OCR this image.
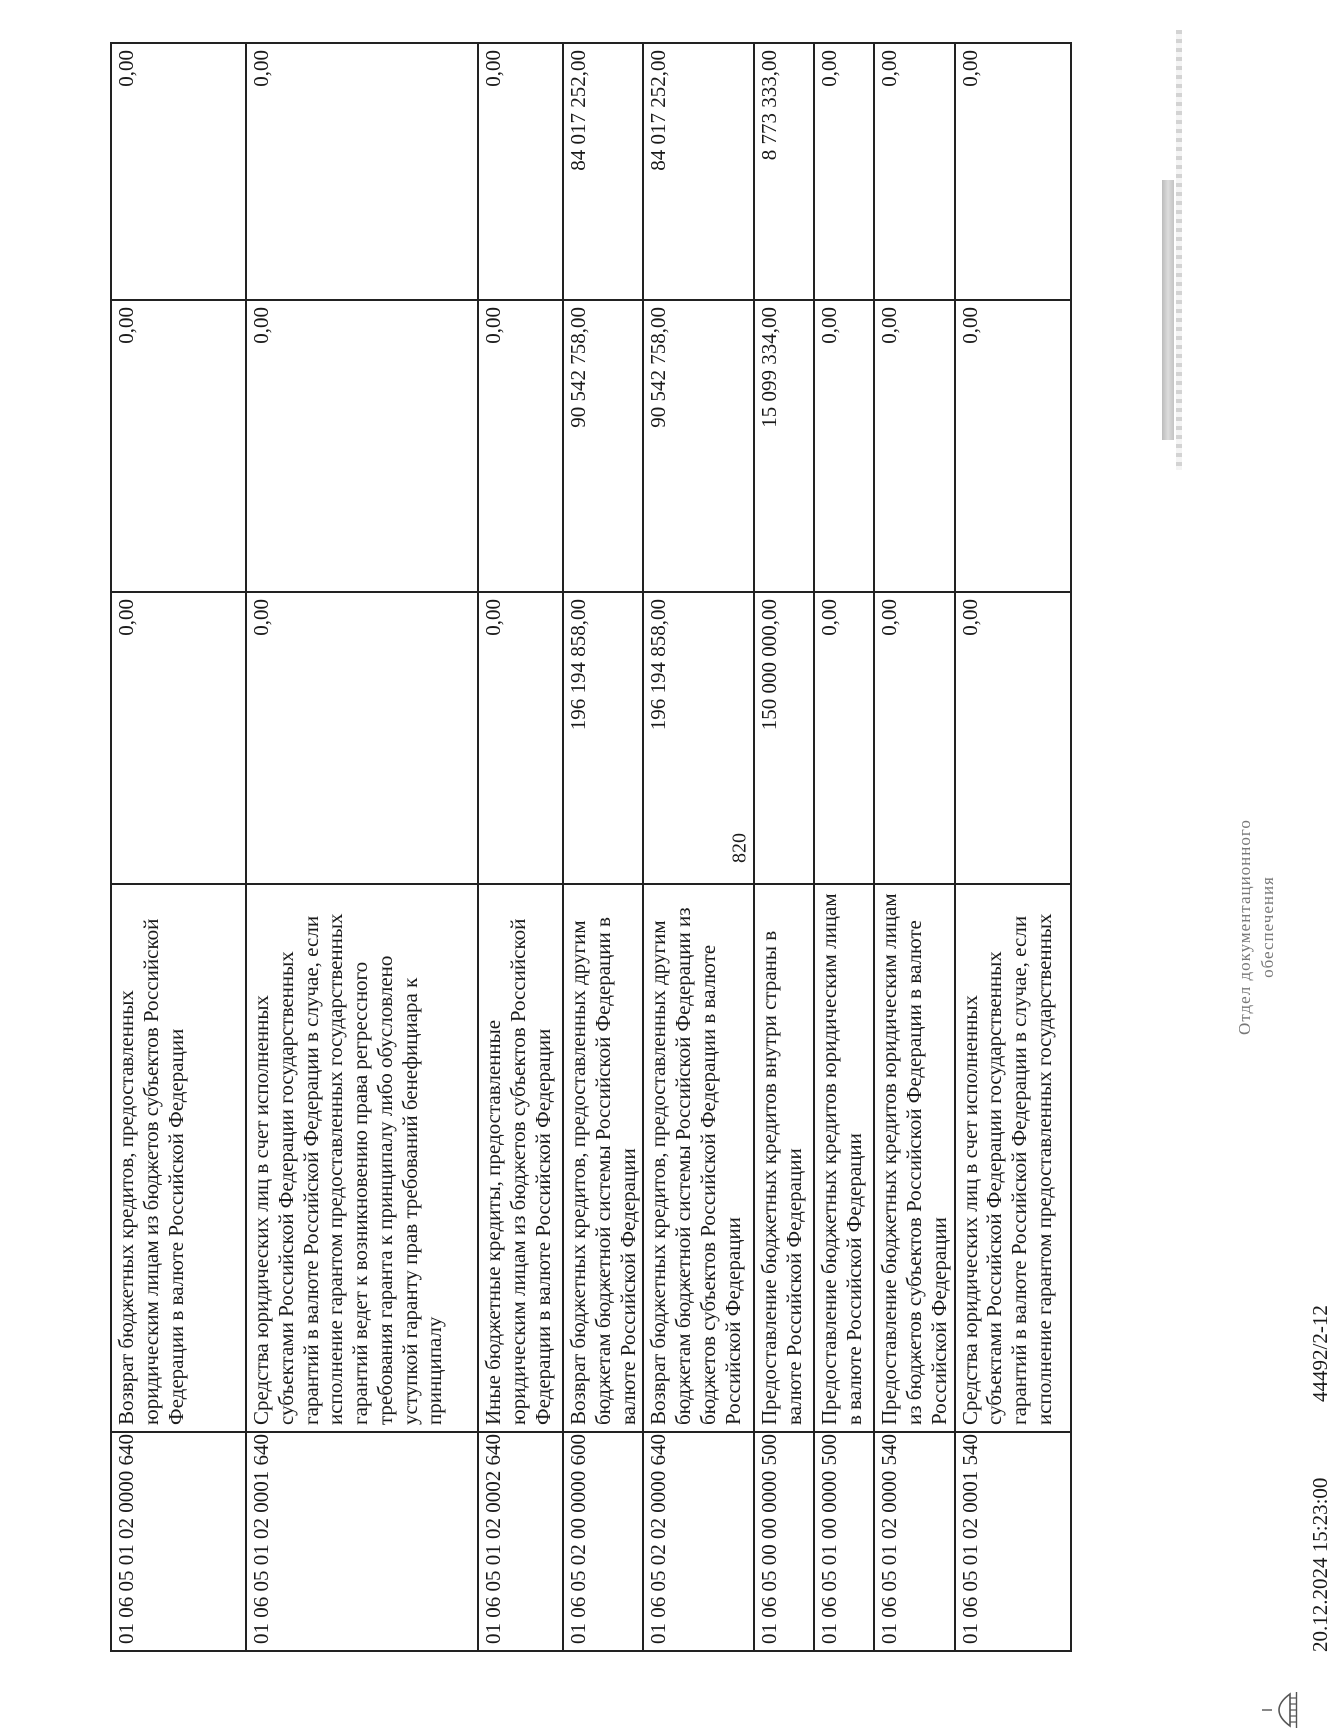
820
01 06 05 01 02 0000 640	Возврат бюджетных кредитов, предоставленных юридическим лицам из бюджетов субъектов Российской Федерации в валюте Российской Федерации	0,00	0,00	0,00
01 06 05 01 02 0001 640	Средства юридических лиц в счет исполненных субъектами Российской Федерации государственных гарантий в валюте Российской Федерации в случае, если исполнение гарантом предоставленных государственных гарантий ведет к возникновению права регрессного требования гаранта к принципалу либо обусловлено уступкой гаранту прав требований бенефициара к принципалу	0,00	0,00	0,00
01 06 05 01 02 0002 640	Иные бюджетные кредиты, предоставленные юридическим лицам из бюджетов субъектов Российской Федерации в валюте Российской Федерации	0,00	0,00	0,00
01 06 05 02 00 0000 600	Возврат бюджетных кредитов, предоставленных другим бюджетам бюджетной системы Российской Федерации в валюте Российской Федерации	196 194 858,00	90 542 758,00	84 017 252,00
01 06 05 02 02 0000 640	Возврат бюджетных кредитов, предоставленных другим бюджетам бюджетной системы Российской Федерации из бюджетов субъектов Российской Федерации в валюте Российской Федерации	196 194 858,00	90 542 758,00	84 017 252,00
01 06 05 00 00 0000 500	Предоставление бюджетных кредитов внутри страны в валюте Российской Федерации	150 000 000,00	15 099 334,00	8 773 333,00
01 06 05 01 00 0000 500	Предоставление бюджетных кредитов юридическим лицам в валюте Российской Федерации	0,00	0,00	0,00
01 06 05 01 02 0000 540	Предоставление бюджетных кредитов юридическим лицам из бюджетов субъектов Российской Федерации в валюте Российской Федерации	0,00	0,00	0,00
01 06 05 01 02 0001 540	Средства юридических лиц в счет исполненных субъектами Российской Федерации государственных гарантий в валюте Российской Федерации в случае, если исполнение гарантом предоставленных государственных	0,00	0,00	0,00
20.12.2024 15:23:00
44492/2-12
Отдел документационного обеспечения
